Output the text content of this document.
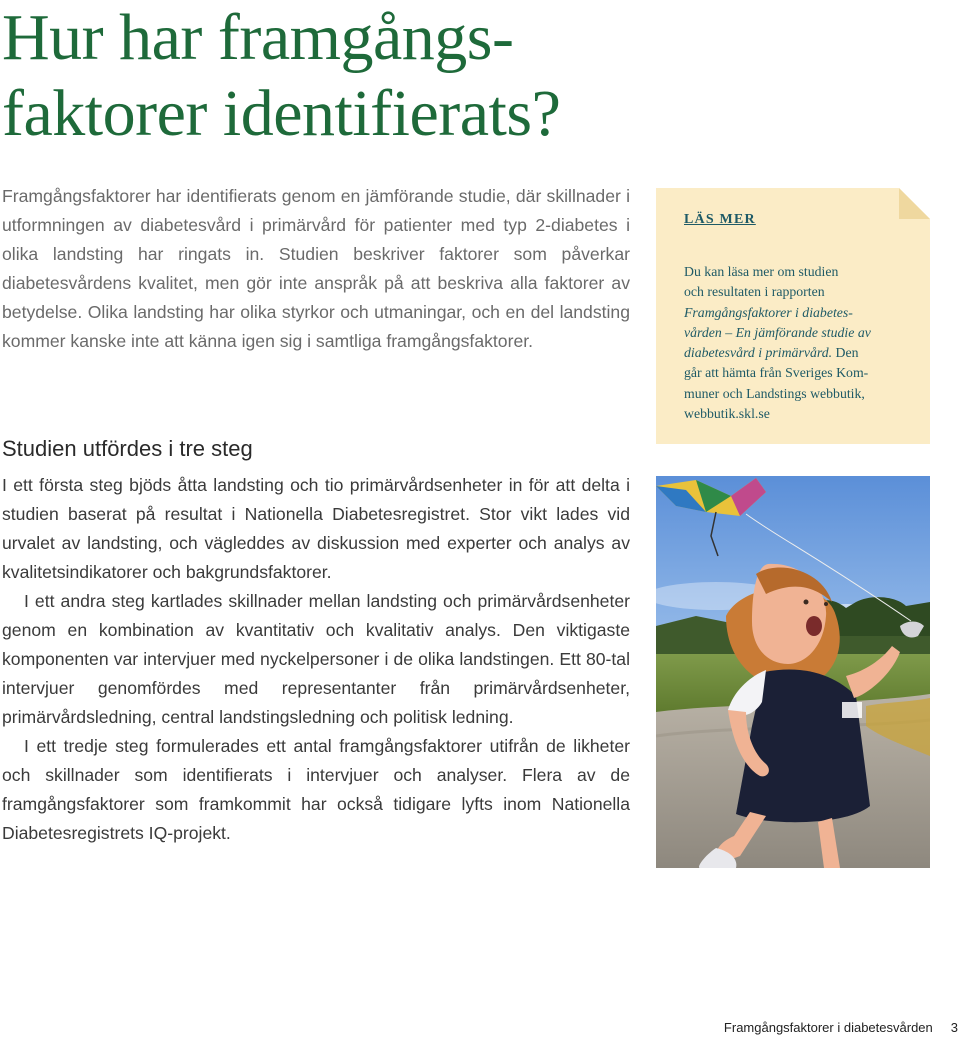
Hur har framgångs-
faktorer identifierats?

Framgångsfaktorer har identifierats genom en jämförande studie, där skillnader i utformningen av diabetesvård i primärvård för patienter med typ 2-diabetes i olika landsting har ringats in. Studien beskriver faktorer som påverkar diabetesvårdens kvalitet, men gör inte anspråk på att beskriva alla faktorer av betydelse. Olika landsting har olika styrkor och utmaningar, och en del landsting kommer kanske inte att känna igen sig i samtliga framgångsfaktorer.

Studien utfördes i tre steg

I ett första steg bjöds åtta landsting och tio primärvårdsenheter in för att delta i studien baserat på resultat i Nationella Diabetesregistret. Stor vikt lades vid urvalet av landsting, och vägleddes av diskussion med experter och analys av kvalitetsindikatorer och bakgrundsfaktorer.

I ett andra steg kartlades skillnader mellan landsting och primärvårdsenheter genom en kombination av kvantitativ och kvalitativ analys. Den viktigaste komponenten var intervjuer med nyckelpersoner i de olika landstingen. Ett 80-tal intervjuer genomfördes med representanter från primärvårdsenheter, primärvårdsledning, central landstingsledning och politisk ledning.

I ett tredje steg formulerades ett antal framgångsfaktorer utifrån de likheter och skillnader som identifierats i intervjuer och analyser. Flera av de framgångsfaktorer som framkommit har också tidigare lyfts inom Nationella Diabetesregistrets IQ-projekt.

LÄS MER
Du kan läsa mer om studien
och resultaten i rapporten
Framgångsfaktorer i diabetes-
vården – En jämförande studie av
diabetesvård i primärvård. Den
går att hämta från Sveriges Kom-
muner och Landstings webbutik,
webbutik.skl.se
Framgångsfaktorer i diabetesvården 3
